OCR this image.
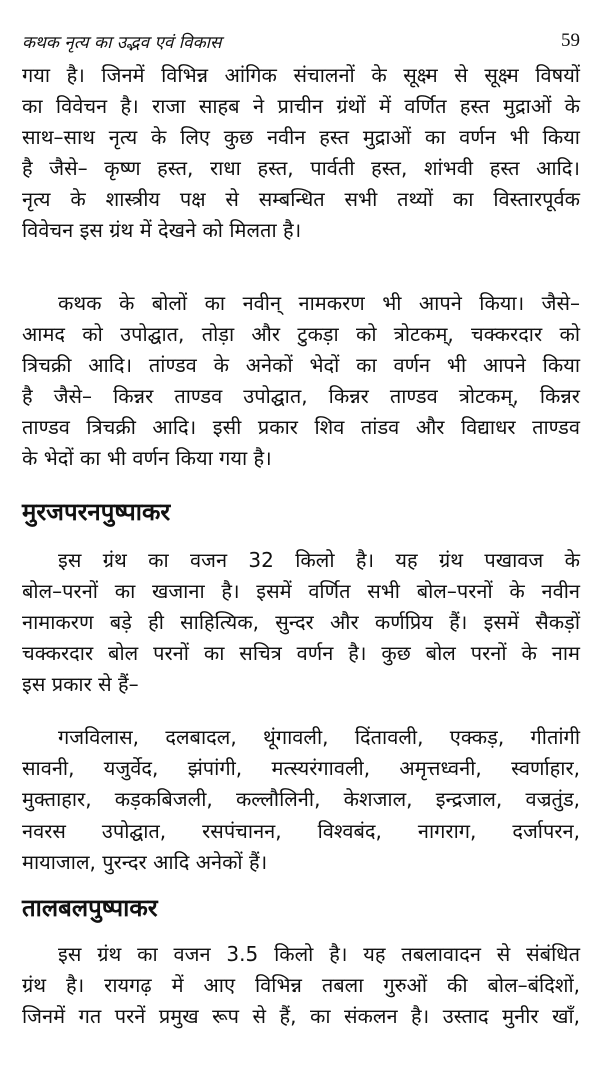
कथक नृत्य का उद्भव एवं विकास	59
गया है। जिनमें विभिन्न आंगिक संचालनों के सूक्ष्म से सूक्ष्म विषयों
का विवेचन है। राजा साहब ने प्राचीन ग्रंथों में वर्णित हस्त मुद्राओं के
साथ–साथ नृत्य के लिए कुछ नवीन हस्त मुद्राओं का वर्णन भी किया
है जैसे– कृष्ण हस्त, राधा हस्त, पार्वती हस्त, शांभवी हस्त आदि।
नृत्य के शास्त्रीय पक्ष से सम्बन्धित सभी तथ्यों का विस्तारपूर्वक
विवेचन इस ग्रंथ में देखने को मिलता है।
कथक के बोलों का नवीन् नामकरण भी आपने किया। जैसे–
आमद को उपोद्घात, तोड़ा और टुकड़ा को त्रोटकम्, चक्करदार को
त्रिचक्री आदि। तांण्डव के अनेकों भेदों का वर्णन भी आपने किया
है जैसे– किन्नर ताण्डव उपोद्घात, किन्नर ताण्डव त्रोटकम्, किन्नर
ताण्डव त्रिचक्री आदि। इसी प्रकार शिव तांडव और विद्याधर ताण्डव
के भेदों का भी वर्णन किया गया है।
मुरजपरनपुष्पाकर
इस ग्रंथ का वजन 32 किलो है। यह ग्रंथ पखावज के
बोल–परनों का खजाना है। इसमें वर्णित सभी बोल–परनों के नवीन
नामाकरण बड़े ही साहित्यिक, सुन्दर और कर्णप्रिय हैं। इसमें सैकड़ों
चक्करदार बोल परनों का सचित्र वर्णन है। कुछ बोल परनों के नाम
इस प्रकार से हैं–
गजविलास, दलबादल, थूंगावली, दिंतावली, एक्कड़, गीतांगी
सावनी, यजुर्वेद, झंपांगी, मत्स्यरंगावली, अमृत्तध्वनी, स्वर्णाहार,
मुक्ताहार, कड़कबिजली, कल्लौलिनी, केशजाल, इन्द्रजाल, वज्रतुंड,
नवरस उपोद्घात, रसपंचानन, विश्वबंद, नागराग, दर्जापरन,
मायाजाल, पुरन्दर आदि अनेकों हैं।
तालबलपुष्पाकर
इस ग्रंथ का वजन 3.5 किलो है। यह तबलावादन से संबंधित
ग्रंथ है। रायगढ़ में आए विभिन्न तबला गुरुओं की बोल–बंदिशों,
जिनमें गत परनें प्रमुख रूप से हैं, का संकलन है। उस्ताद मुनीर खाँ,
